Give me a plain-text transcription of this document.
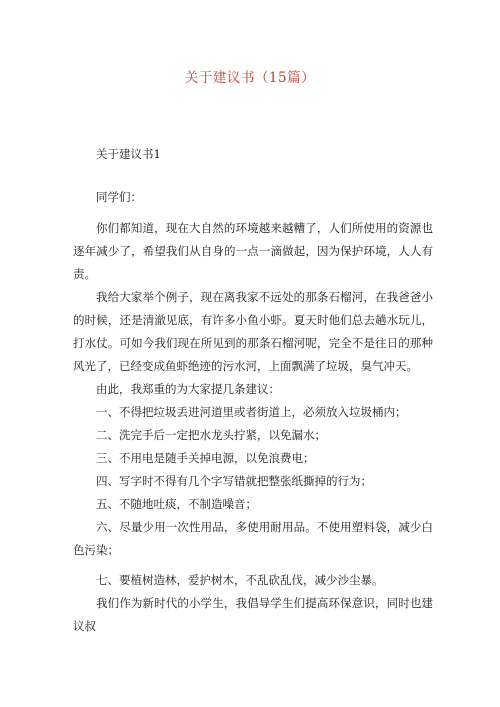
关于建议书（15篇）

关于建议书1

同学们：

你们都知道，现在大自然的环境越来越糟了，人们所使用的资源也逐年减少了，希望我们从自身的一点一滴做起，因为保护环境，人人有责。

我给大家举个例子，现在离我家不远处的那条石榴河，在我爸爸小的时候，还是清澈见底，有许多小鱼小虾。夏天时他们总去趟水玩儿，打水仗。可如今我们现在所见到的那条石榴河呢，完全不是往日的那种风光了，已经变成鱼虾绝迹的污水河，上面飘满了垃圾，臭气冲天。

由此，我郑重的为大家提几条建议：

一、不得把垃圾丢进河道里或者街道上，必须放入垃圾桶内；

二、洗完手后一定把水龙头拧紧，以免漏水；

三、不用电是随手关掉电源，以免浪费电；

四、写字时不得有几个字写错就把整张纸撕掉的行为；

五、不随地吐痰，不制造噪音；

六、尽量少用一次性用品，多使用耐用品。不使用塑料袋，减少白色污染；

七、要植树造林，爱护树木，不乱砍乱伐，减少沙尘暴。

我们作为新时代的小学生，我倡导学生们提高环保意识，同时也建议叔
